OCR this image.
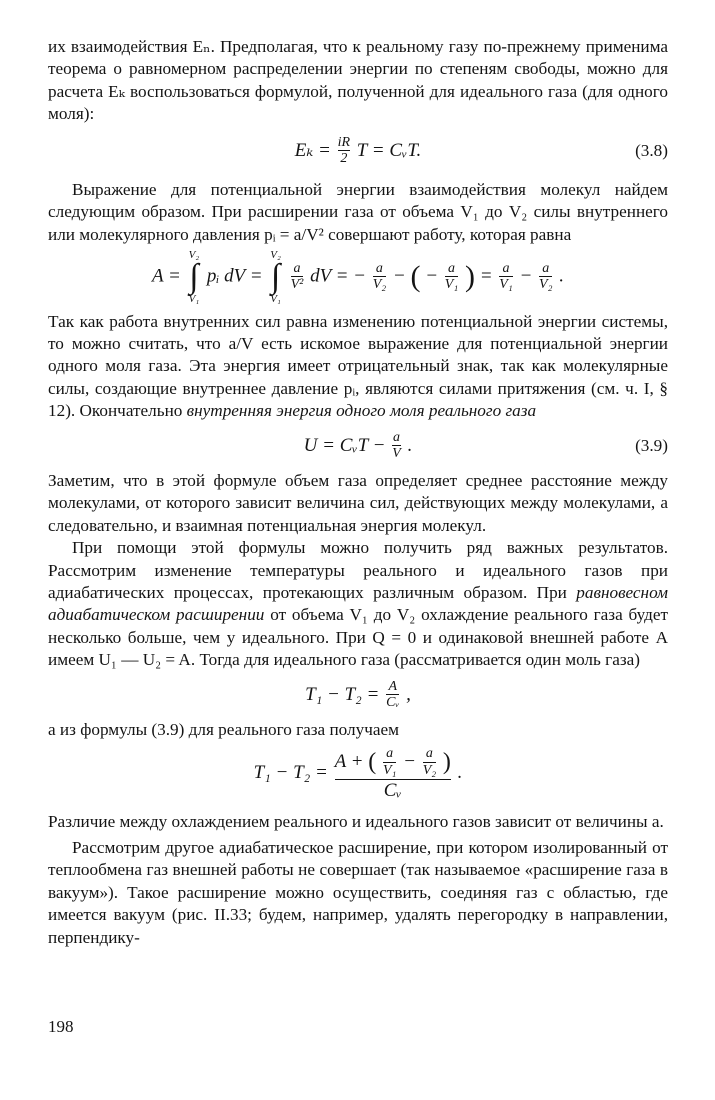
их взаимодействия Eₙ. Предполагая, что к реальному газу по-прежнему применима теорема о равномерном распределении энергии по степеням свободы, можно для расчета Eₖ воспользоваться формулой, полученной для идеального газа (для одного моля):

$E_k = \frac{iR}{2}$ T = CᵥT.	(3.8)

Выражение для потенциальной энергии взаимодействия молекул найдем следующим образом. При расширении газа от объема V₁ до V₂ силы внутреннего или молекулярного давления pᵢ = a/V² совершают работу, которая равна

A =
V₂
∫
V₁
pᵢ dV =
V₂
∫
V₁

$\frac{a}{\text{V²}}$ dV = − $\frac{a}{\text{V₂}}$ − ( − $\frac{a}{\text{V₁}}$ ) = $\frac{a}{\text{V₁}} - \frac{a}{\text{V₂}}$ .

Так как работа внутренних сил равна изменению потенциальной энергии системы, то можно считать, что a/V есть искомое выражение для потенциальной энергии одного моля газа. Эта энергия имеет отрицательный знак, так как молекулярные силы, создающие внутреннее давление pᵢ, являются силами притяжения (см. ч. I, § 12). Окончательно внутренняя энергия одного моля реального газа

U = CᵥT − $\frac{a}{V}$ .	(3.9)

Заметим, что в этой формуле объем газа определяет среднее расстояние между молекулами, от которого зависит величина сил, действующих между молекулами, а следовательно, и взаимная потенциальная энергия молекул.

При помощи этой формулы можно получить ряд важных результатов. Рассмотрим изменение температуры реального и идеального газов при адиабатических процессах, протекающих различным образом. При равновесном адиабатическом расширении от объема V₁ до V₂ охлаждение реального газа будет несколько больше, чем у идеального. При Q = 0 и одинаковой внешней работе A имеем U₁ — U₂ = A. Тогда для идеального газа (рассматривается один моль газа)

$T_1 - T_2 = \frac{A}{\text{Cᵥ}}$ ,

а из формулы (3.9) для реального газа получаем

T₁ − T₂ =
A + ( $\frac{a}{\text{V₁}} - \frac{a}{\text{V₂}}$ )
Cᵥ
.

Различие между охлаждением реального и идеального газов зависит от величины a.

Рассмотрим другое адиабатическое расширение, при котором изолированный от теплообмена газ внешней работы не совершает (так называемое «расширение газа в вакуум»). Такое расширение можно осуществить, соединяя газ с областью, где имеется вакуум (рис. II.33; будем, например, удалять перегородку в направлении, перпендику-

198
